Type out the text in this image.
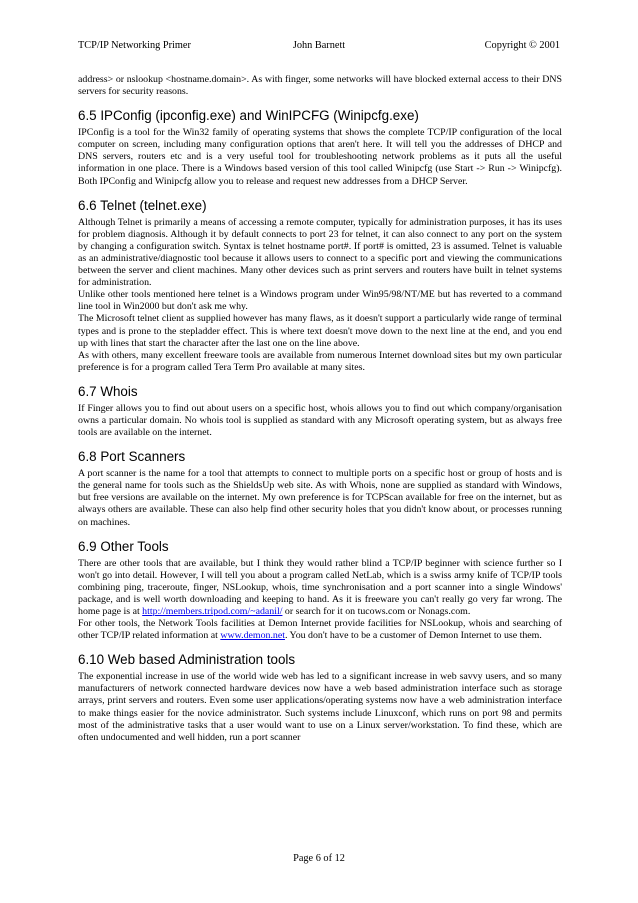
TCP/IP Networking Primer	John Barnett	Copyright © 2001

address> or nslookup <hostname.domain>. As with finger, some networks will have blocked external access to their DNS servers for security reasons.

6.5 IPConfig (ipconfig.exe) and WinIPCFG (Winipcfg.exe)

IPConfig is a tool for the Win32 family of operating systems that shows the complete TCP/IP configuration of the local computer on screen, including many configuration options that aren't here. It will tell you the addresses of DHCP and DNS servers, routers etc and is a very useful tool for troubleshooting network problems as it puts all the useful information in one place. There is a Windows based version of this tool called Winipcfg (use Start -> Run -> Winipcfg). Both IPConfig and Winipcfg allow you to release and request new addresses from a DHCP Server.

6.6 Telnet (telnet.exe)

Although Telnet is primarily a means of accessing a remote computer, typically for administration purposes, it has its uses for problem diagnosis. Although it by default connects to port 23 for telnet, it can also connect to any port on the system by changing a configuration switch. Syntax is telnet hostname port#. If port# is omitted, 23 is assumed. Telnet is valuable as an administrative/diagnostic tool because it allows users to connect to a specific port and viewing the communications between the server and client machines. Many other devices such as print servers and routers have built in telnet systems for administration.

Unlike other tools mentioned here telnet is a Windows program under Win95/98/NT/ME but has reverted to a command line tool in Win2000 but don't ask me why.

The Microsoft telnet client as supplied however has many flaws, as it doesn't support a particularly wide range of terminal types and is prone to the stepladder effect. This is where text doesn't move down to the next line at the end, and you end up with lines that start the character after the last one on the line above.

As with others, many excellent freeware tools are available from numerous Internet download sites but my own particular preference is for a program called Tera Term Pro available at many sites.

6.7 Whois

If Finger allows you to find out about users on a specific host, whois allows you to find out which company/organisation owns a particular domain. No whois tool is supplied as standard with any Microsoft operating system, but as always free tools are available on the internet.

6.8 Port Scanners

A port scanner is the name for a tool that attempts to connect to multiple ports on a specific host or group of hosts and is the general name for tools such as the ShieldsUp web site. As with Whois, none are supplied as standard with Windows, but free versions are available on the internet. My own preference is for TCPScan available for free on the internet, but as always others are available. These can also help find other security holes that you didn't know about, or processes running on machines.

6.9 Other Tools

There are other tools that are available, but I think they would rather blind a TCP/IP beginner with science further so I won't go into detail. However, I will tell you about a program called NetLab, which is a swiss army knife of TCP/IP tools combining ping, traceroute, finger, NSLookup, whois, time synchronisation and a port scanner into a single Windows' package, and is well worth downloading and keeping to hand. As it is freeware you can't really go very far wrong. The home page is at http://members.tripod.com/~adanil/ or search for it on tucows.com or Nonags.com.

For other tools, the Network Tools facilities at Demon Internet provide facilities for NSLookup, whois and searching of other TCP/IP related information at www.demon.net. You don't have to be a customer of Demon Internet to use them.

6.10 Web based Administration tools

The exponential increase in use of the world wide web has led to a significant increase in web savvy users, and so many manufacturers of network connected hardware devices now have a web based administration interface such as storage arrays, print servers and routers. Even some user applications/operating systems now have a web administration interface to make things easier for the novice administrator. Such systems include Linuxconf, which runs on port 98 and permits most of the administrative tasks that a user would want to use on a Linux server/workstation. To find these, which are often undocumented and well hidden, run a port scanner

Page 6 of 12
